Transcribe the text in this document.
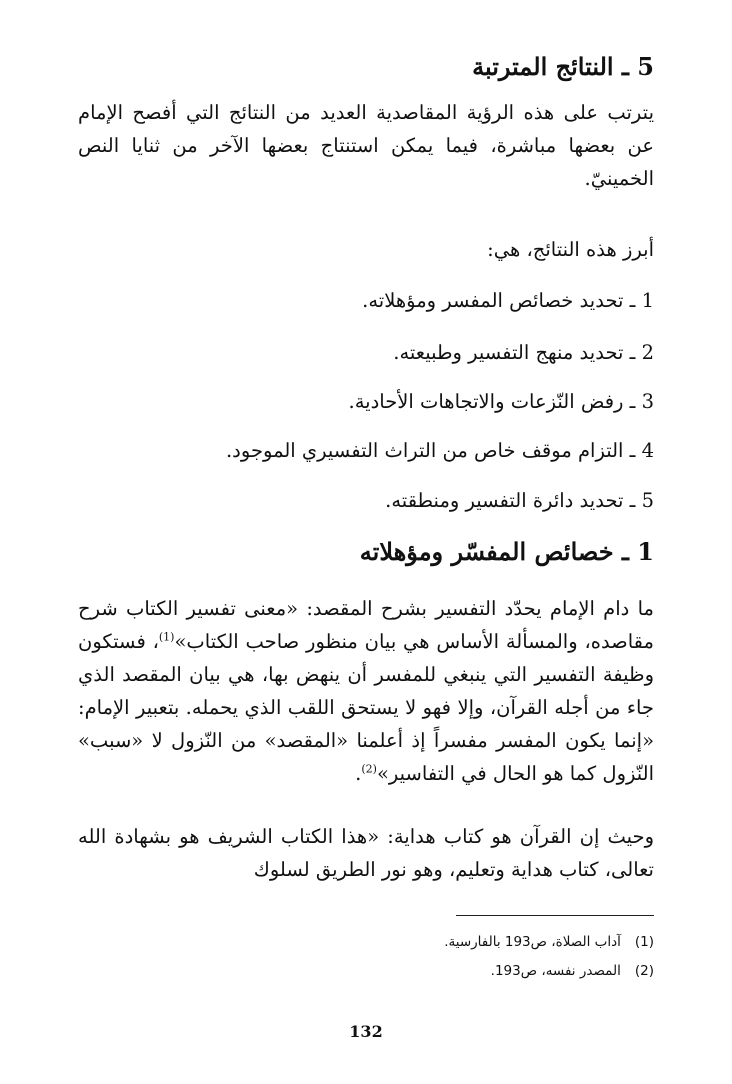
5 ـ النتائج المترتبة

يترتب على هذه الرؤية المقاصدية العديد من النتائج التي أفصح الإمام عن بعضها مباشرة، فيما يمكن استنتاج بعضها الآخر من ثنايا النص الخمينيّ.

أبرز هذه النتائج، هي:
1 ـ تحديد خصائص المفسر ومؤهلاته.
2 ـ تحديد منهج التفسير وطبيعته.
3 ـ رفض النّزعات والاتجاهات الأحادية.
4 ـ التزام موقف خاص من التراث التفسيري الموجود.
5 ـ تحديد دائرة التفسير ومنطقته.
1 ـ خصائص المفسّر ومؤهلاته

ما دام الإمام يحدّد التفسير بشرح المقصد: «معنى تفسير الكتاب شرح مقاصده، والمسألة الأساس هي بيان منظور صاحب الكتاب»$^{(1)}$، فستكون وظيفة التفسير التي ينبغي للمفسر أن ينهض بها، هي بيان المقصد الذي جاء من أجله القرآن، وإلا فهو لا يستحق اللقب الذي يحمله. بتعبير الإمام: «إنما يكون المفسر مفسراً إذ أعلمنا «المقصد» من النّزول لا «سبب» النّزول كما هو الحال في التفاسير»$^{(2)}$.

وحيث إن القرآن هو كتاب هداية: «هذا الكتاب الشريف هو بشهادة الله تعالى، كتاب هداية وتعليم، وهو نور الطريق لسلوك

(1)آداب الصلاة، ص193 بالفارسية.
(2)المصدر نفسه، ص193.
132
